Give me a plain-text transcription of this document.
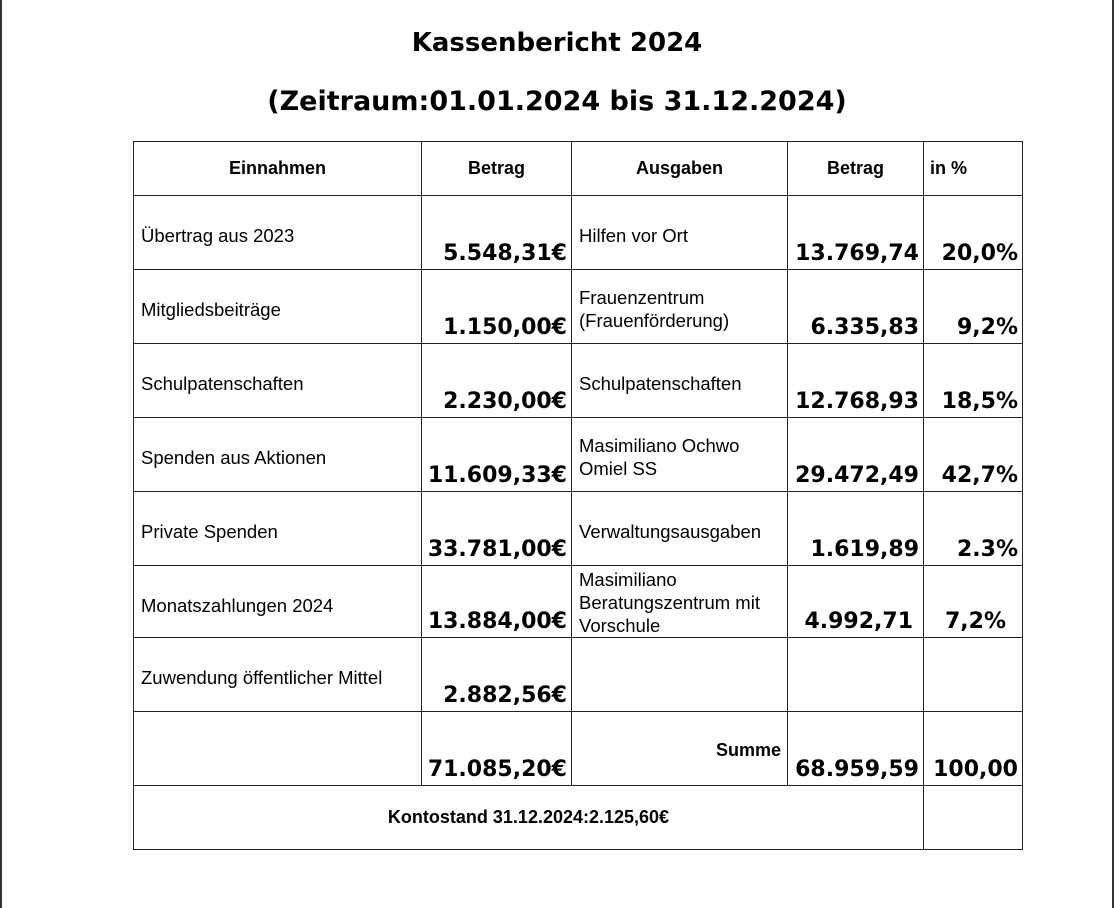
Kassenbericht 2024
(Zeitraum:01.01.2024 bis 31.12.2024)
Einnahmen	Betrag	Ausgaben	Betrag	in %

Übertrag aus 2023	5.548,31€	Hilfen vor Ort	13.769,74	20,0%

Mitgliedsbeiträge	1.150,00€	Frauenzentrum
(Frauenförderung)	6.335,83	9,2%

Schulpatenschaften	2.230,00€	Schulpatenschaften	12.768,93	18,5%

Spenden aus Aktionen	11.609,33€	Masimiliano Ochwo
Omiel SS	29.472,49	42,7%

Private Spenden	33.781,00€	Verwaltungsausgaben	1.619,89	2.3%

Monatszahlungen 2024	13.884,00€	Masimiliano
Beratungszentrum mit
Vorschule	4.992,71	7,2%

Zuwendung öffentlicher Mittel	2.882,56€			

	71.085,20€	Summe	68.959,59	100,00

Kontostand 31.12.2024:2.125,60€				
